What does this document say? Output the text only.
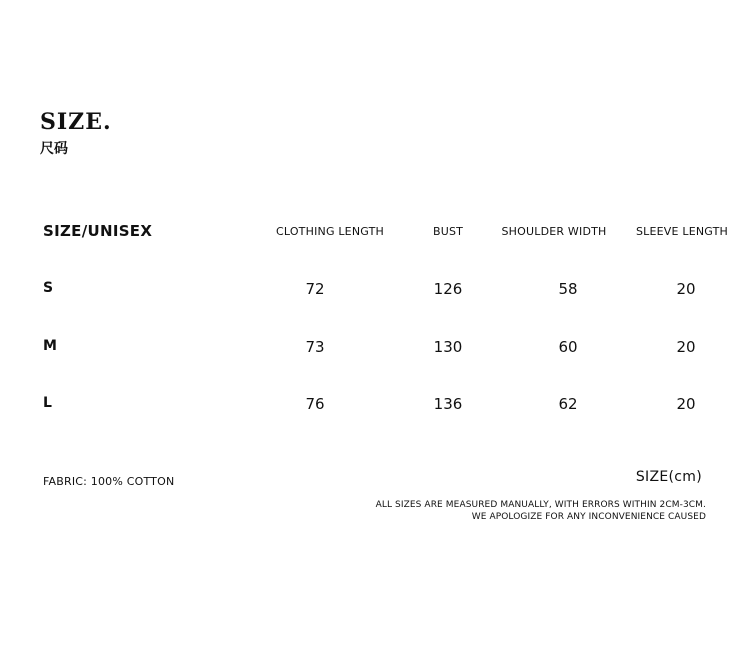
SIZE.
尺码
SIZE/UNISEX	CLOTHING LENGTH	BUST	SHOULDER WIDTH	SLEEVE LENGTH
S	72	126	58	20
M	73	130	60	20
L	76	136	62	20
FABRIC: 100% COTTON	SIZE(cm)
ALL SIZES ARE MEASURED MANUALLY, WITH ERRORS WITHIN 2CM-3CM.
WE APOLOGIZE FOR ANY INCONVENIENCE CAUSED
